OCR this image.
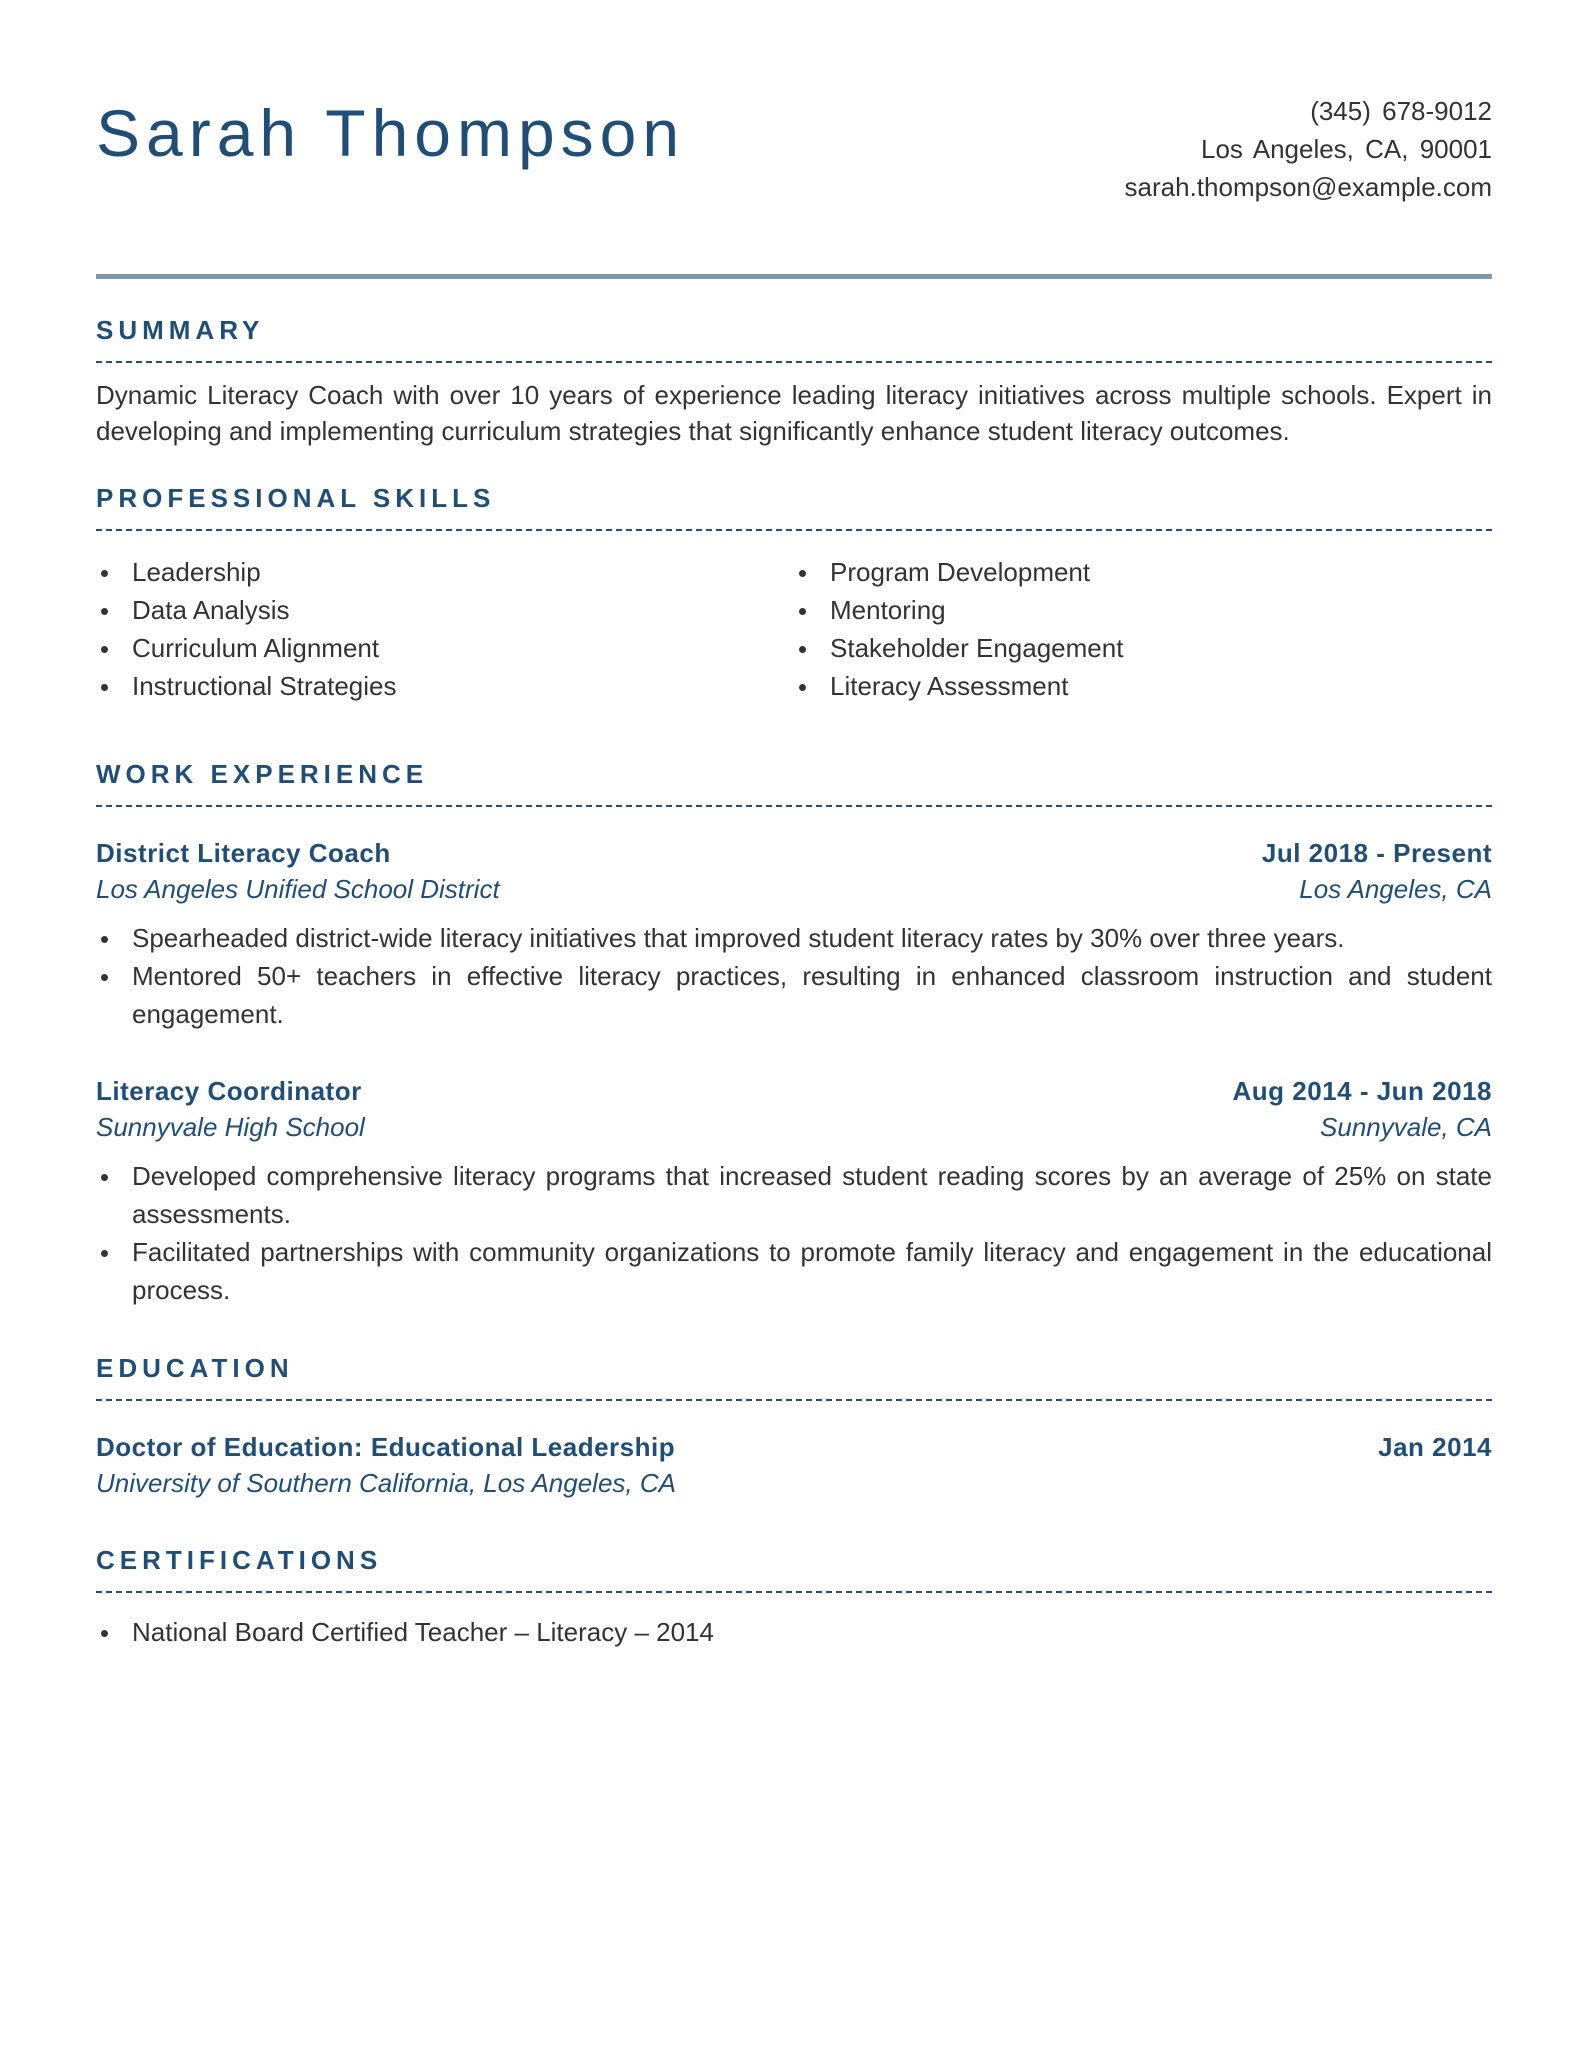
Sarah Thompson	(345) 678-9012
Los Angeles, CA, 90001
sarah.thompson@example.com
SUMMARY

Dynamic Literacy Coach with over 10 years of experience leading literacy initiatives across multiple schools. Expert in developing and implementing curriculum strategies that significantly enhance student literacy outcomes.

PROFESSIONAL SKILLS
Leadership
Data Analysis
Curriculum Alignment
Instructional Strategies
Program Development
Mentoring
Stakeholder Engagement
Literacy Assessment
WORK EXPERIENCE
District Literacy Coach	Jul 2018 - Present
Los Angeles Unified School District	Los Angeles, CA
Spearheaded district-wide literacy initiatives that improved student literacy rates by 30% over three years.
Mentored 50+ teachers in effective literacy practices, resulting in enhanced classroom instruction and student engagement.
Literacy Coordinator	Aug 2014 - Jun 2018
Sunnyvale High School	Sunnyvale, CA
Developed comprehensive literacy programs that increased student reading scores by an average of 25% on state assessments.
Facilitated partnerships with community organizations to promote family literacy and engagement in the educational process.
EDUCATION
Doctor of Education: Educational Leadership	Jan 2014
University of Southern California, Los Angeles, CA
CERTIFICATIONS
National Board Certified Teacher – Literacy – 2014
